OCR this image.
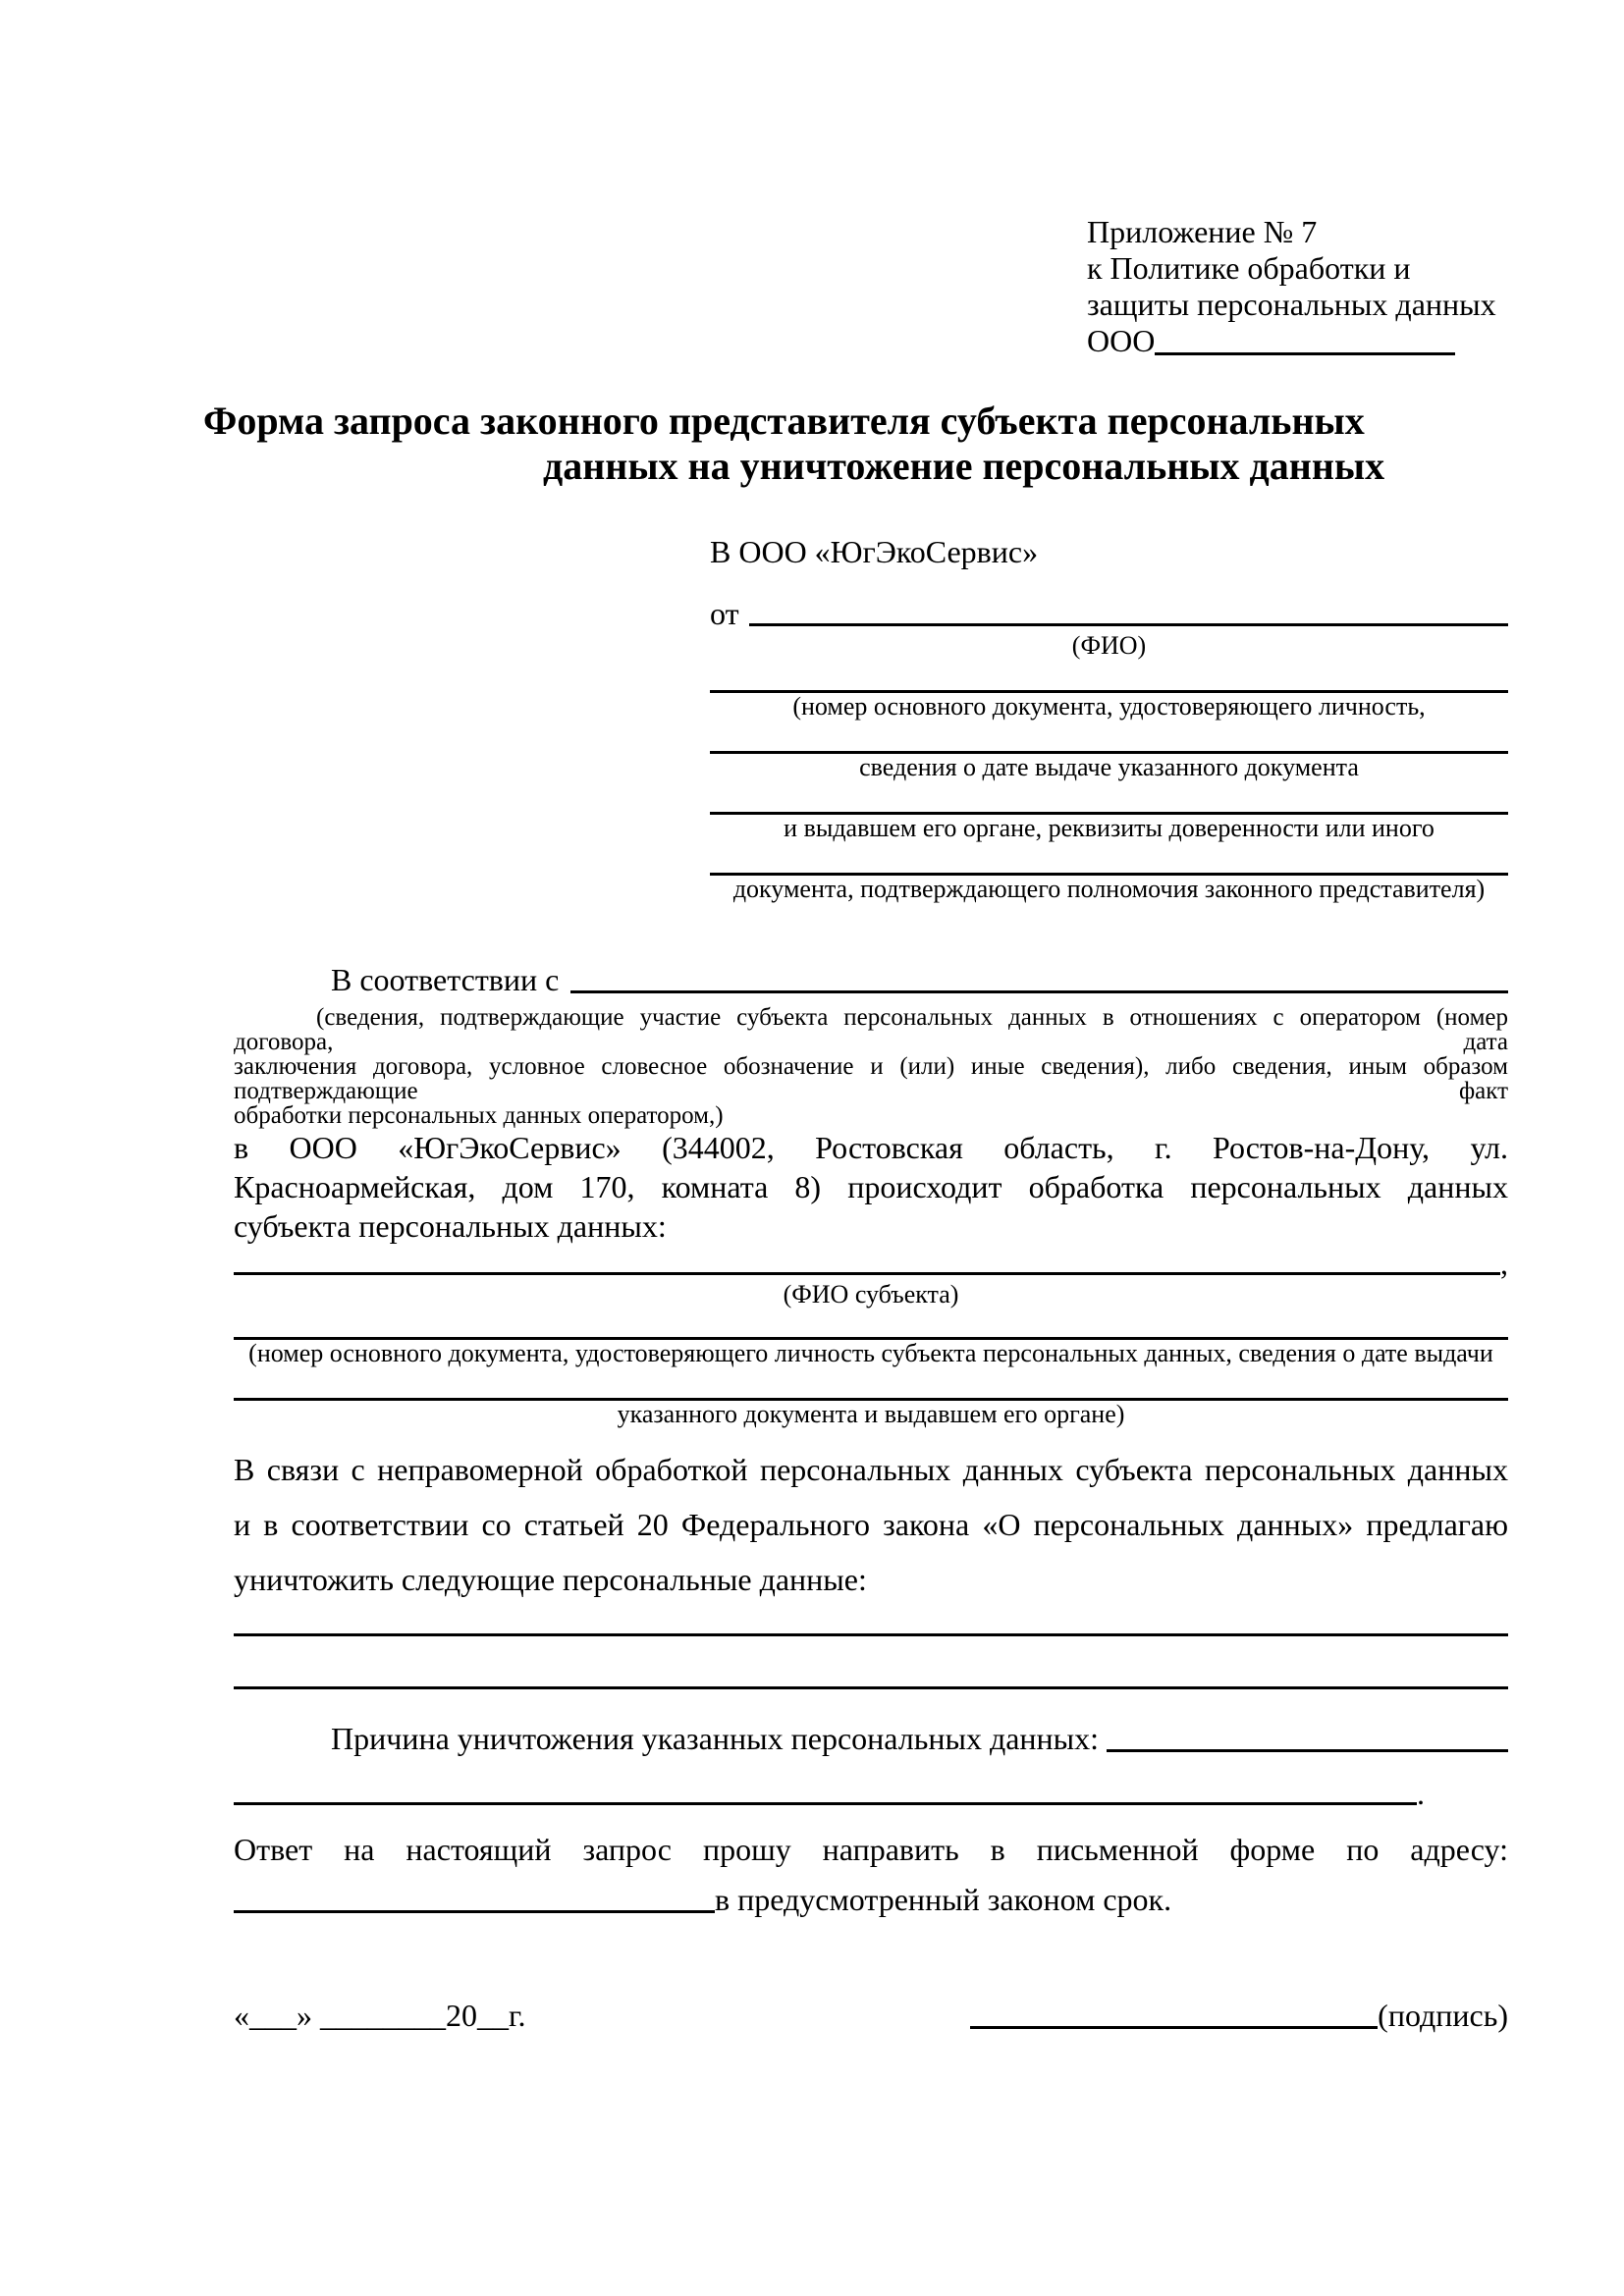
Приложение № 7
к Политике обработки и
защиты персональных данных
ООО
Форма запроса законного представителя субъекта персональных
данных на уничтожение персональных данных
В ООО «ЮгЭкоСервис»
от
(ФИО)
(номер основного документа, удостоверяющего личность,
сведения о дате выдаче указанного документа
и выдавшем его органе, реквизиты доверенности или иного
документа, подтверждающего полномочия законного представителя)
В соответствии с
(сведения, подтверждающие участие субъекта персональных данных в отношениях с оператором (номер договора, дата
заключения договора, условное словесное обозначение и (или) иные сведения), либо сведения, иным образом подтверждающие факт
обработки персональных данных оператором,)
в ООО «ЮгЭкоСервис» (344002, Ростовская область, г. Ростов-на-Дону, ул.
Красноармейская, дом 170, комната 8) происходит обработка персональных данных
субъекта персональных данных:
,
(ФИО субъекта)
(номер основного документа, удостоверяющего личность субъекта персональных данных, сведения о дате выдачи
указанного документа и выдавшем его органе)
В связи с неправомерной обработкой персональных данных субъекта персональных данных
и в соответствии со статьей 20 Федерального закона «О персональных данных» предлагаю
уничтожить следующие персональные данные:
Причина уничтожения указанных персональных данных:
.
Ответ на настоящий запрос прошу направить в письменной форме по адресу:
в предусмотренный законом срок.
«___» ________20__г.	(подпись)
